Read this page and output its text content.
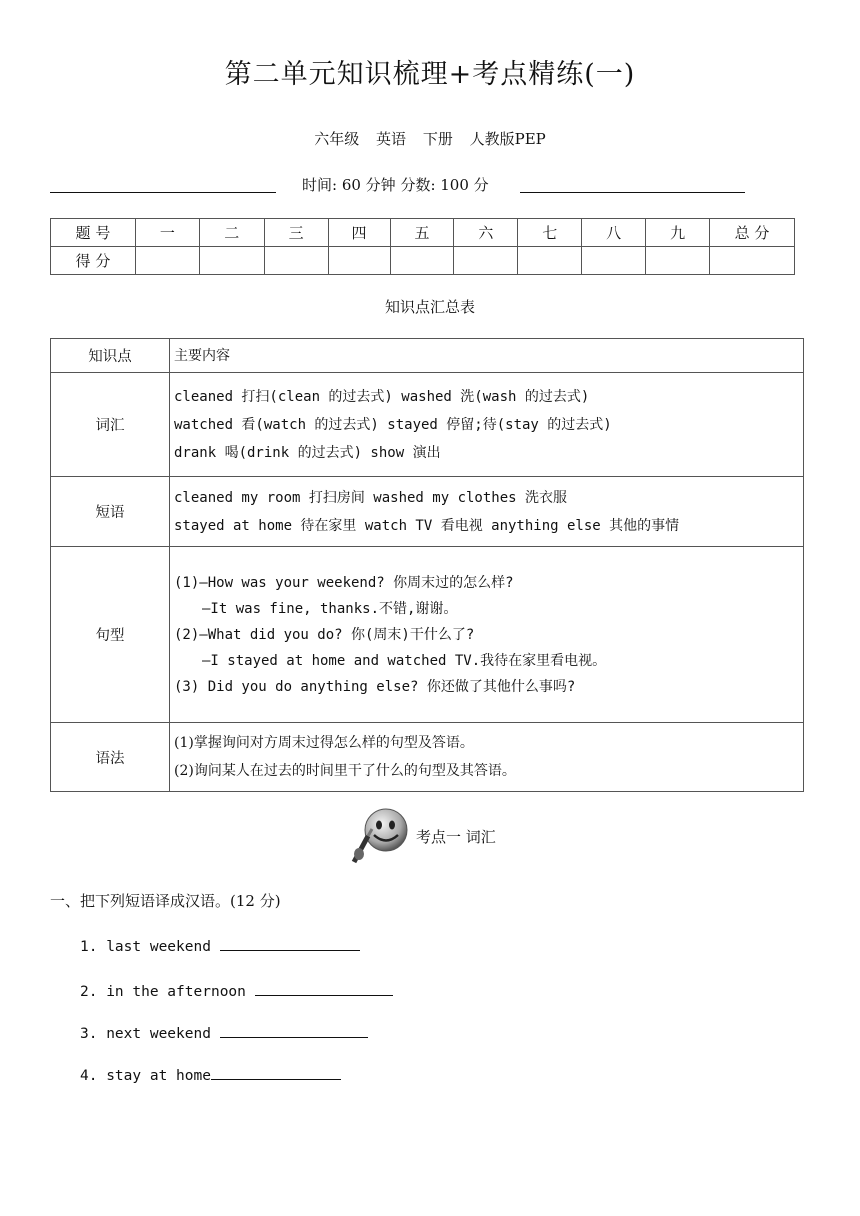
第二单元知识梳理+考点精练(一)
六年级 英语 下册 人教版PEP
时间: 60 分钟 分数: 100 分
题 号	一	二	三	四	五	六	七	八	九	总 分
得 分										
知识点汇总表
知识点	主要内容
词汇	cleaned 打扫(clean 的过去式) washed 洗(wash 的过去式)
watched 看(watch 的过去式) stayed 停留;待(stay 的过去式)
drank 喝(drink 的过去式) show 演出

短语	cleaned my room 打扫房间 washed my clothes 洗衣服
stayed at home 待在家里 watch TV 看电视 anything else 其他的事情

句型	(1)—How was your weekend? 你周末过的怎么样?
—It was fine, thanks.不错,谢谢。
(2)—What did you do? 你(周末)干什么了?
—I stayed at home and watched TV.我待在家里看电视。
(3) Did you do anything else? 你还做了其他什么事吗?

语法	(1)掌握询问对方周末过得怎么样的句型及答语。
(2)询问某人在过去的时间里干了什么的句型及其答语。
考点一 词汇
一、把下列短语译成汉语。(12 分)
1. last weekend
2. in the afternoon
3. next weekend
4. stay at home
